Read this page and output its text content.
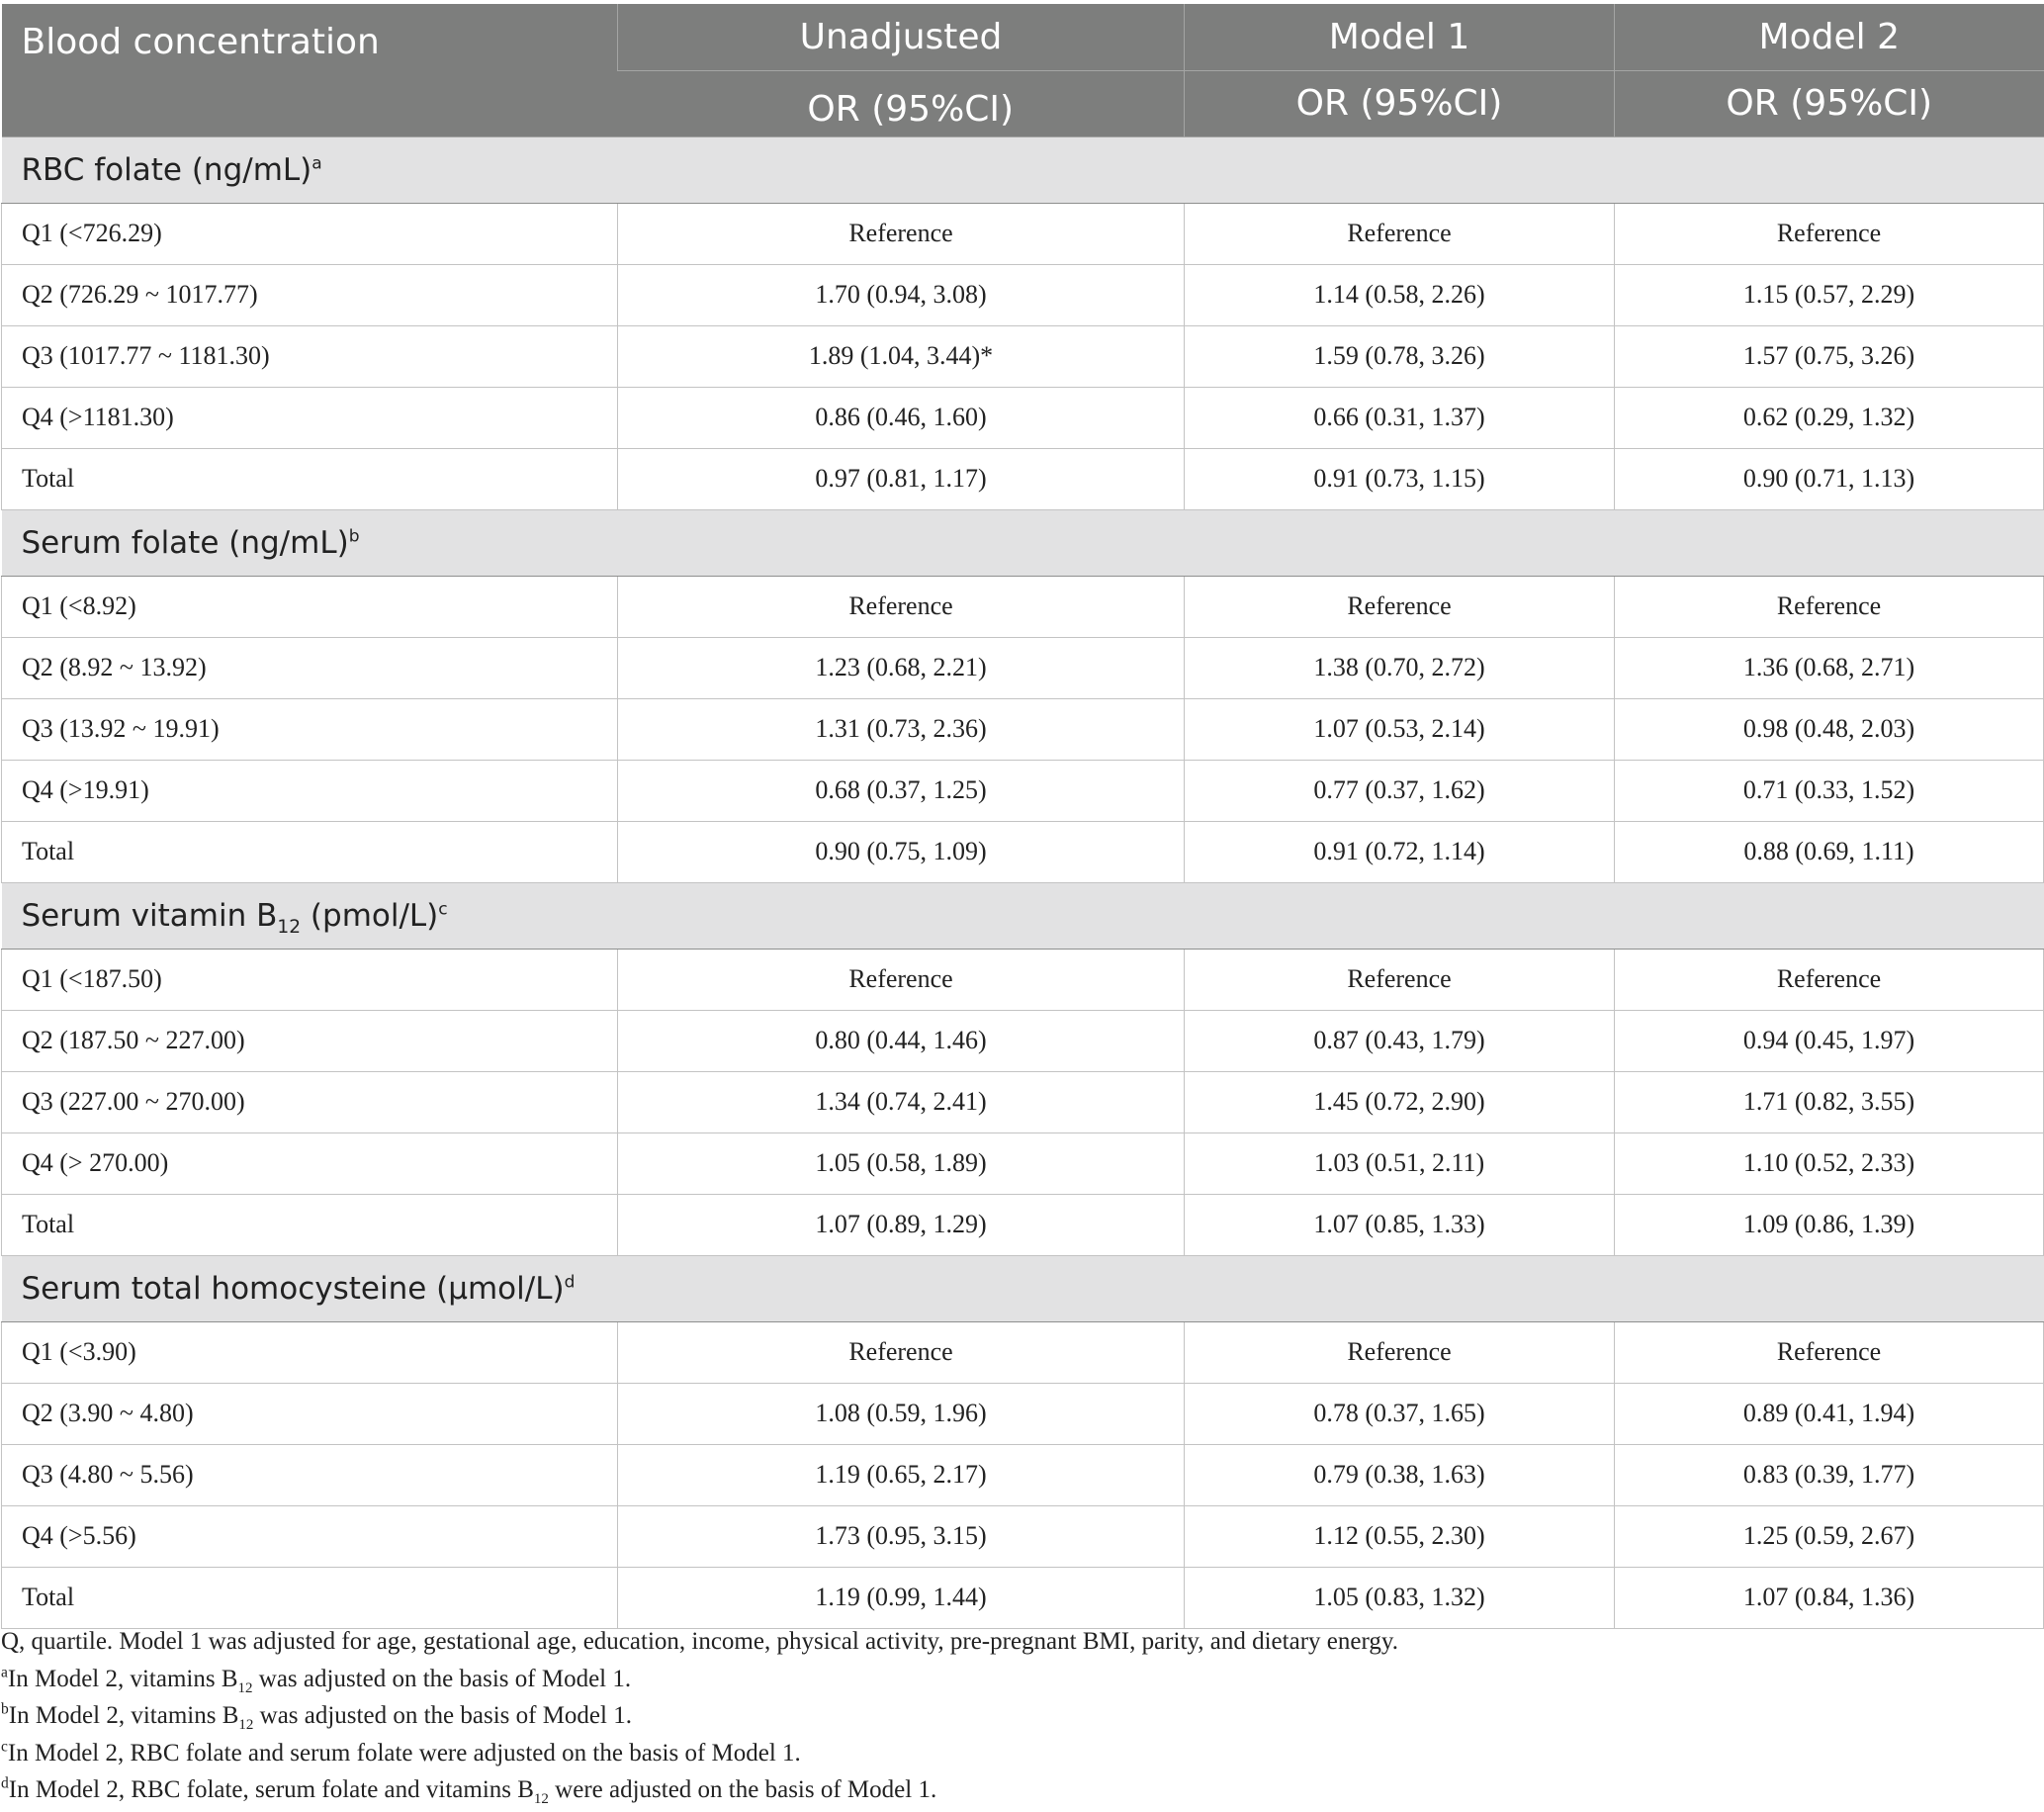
Blood concentration	Unadjusted	Model 1	Model 2
	OR (95%CI)	OR (95%CI)	OR (95%CI)
RBC folate $(ng/mL)^a$
Q1 (<726.29)	Reference	Reference	Reference
Q2 (726.29 ~ 1017.77)	1.70 (0.94, 3.08)	1.14 (0.58, 2.26)	1.15 (0.57, 2.29)
Q3 (1017.77 ~ 1181.30)	1.89 (1.04, 3.44)*	1.59 (0.78, 3.26)	1.57 (0.75, 3.26)
Q4 (>1181.30)	0.86 (0.46, 1.60)	0.66 (0.31, 1.37)	0.62 (0.29, 1.32)
Total	0.97 (0.81, 1.17)	0.91 (0.73, 1.15)	0.90 (0.71, 1.13)
Serum folate $(ng/mL)^b$
Q1 (<8.92)	Reference	Reference	Reference
Q2 (8.92 ~ 13.92)	1.23 (0.68, 2.21)	1.38 (0.70, 2.72)	1.36 (0.68, 2.71)
Q3 (13.92 ~ 19.91)	1.31 (0.73, 2.36)	1.07 (0.53, 2.14)	0.98 (0.48, 2.03)
Q4 (>19.91)	0.68 (0.37, 1.25)	0.77 (0.37, 1.62)	0.71 (0.33, 1.52)
Total	0.90 (0.75, 1.09)	0.91 (0.72, 1.14)	0.88 (0.69, 1.11)
Serum vitamin $B_{12}$ (pmol/L)$^c$
Q1 (<187.50)	Reference	Reference	Reference
Q2 (187.50 ~ 227.00)	0.80 (0.44, 1.46)	0.87 (0.43, 1.79)	0.94 (0.45, 1.97)
Q3 (227.00 ~ 270.00)	1.34 (0.74, 2.41)	1.45 (0.72, 2.90)	1.71 (0.82, 3.55)
Q4 (> 270.00)	1.05 (0.58, 1.89)	1.03 (0.51, 2.11)	1.10 (0.52, 2.33)
Total	1.07 (0.89, 1.29)	1.07 (0.85, 1.33)	1.09 (0.86, 1.39)
Serum total homocysteine $(\mu mol/L)^d$
Q1 (<3.90)	Reference	Reference	Reference
Q2 (3.90 ~ 4.80)	1.08 (0.59, 1.96)	0.78 (0.37, 1.65)	0.89 (0.41, 1.94)
Q3 (4.80 ~ 5.56)	1.19 (0.65, 2.17)	0.79 (0.38, 1.63)	0.83 (0.39, 1.77)
Q4 (>5.56)	1.73 (0.95, 3.15)	1.12 (0.55, 2.30)	1.25 (0.59, 2.67)
Total	1.19 (0.99, 1.44)	1.05 (0.83, 1.32)	1.07 (0.84, 1.36)
Q, quartile. Model 1 was adjusted for age, gestational age, education, income, physical activity, pre-pregnant BMI, parity, and dietary energy.
$^a$In Model 2, vitamins $B_{12}$ was adjusted on the basis of Model 1.
$^b$In Model 2, vitamins $B_{12}$ was adjusted on the basis of Model 1.
$^c$In Model 2, RBC folate and serum folate were adjusted on the basis of Model 1.
$^d$In Model 2, RBC folate, serum folate and vitamins $B_{12}$ were adjusted on the basis of Model 1.
